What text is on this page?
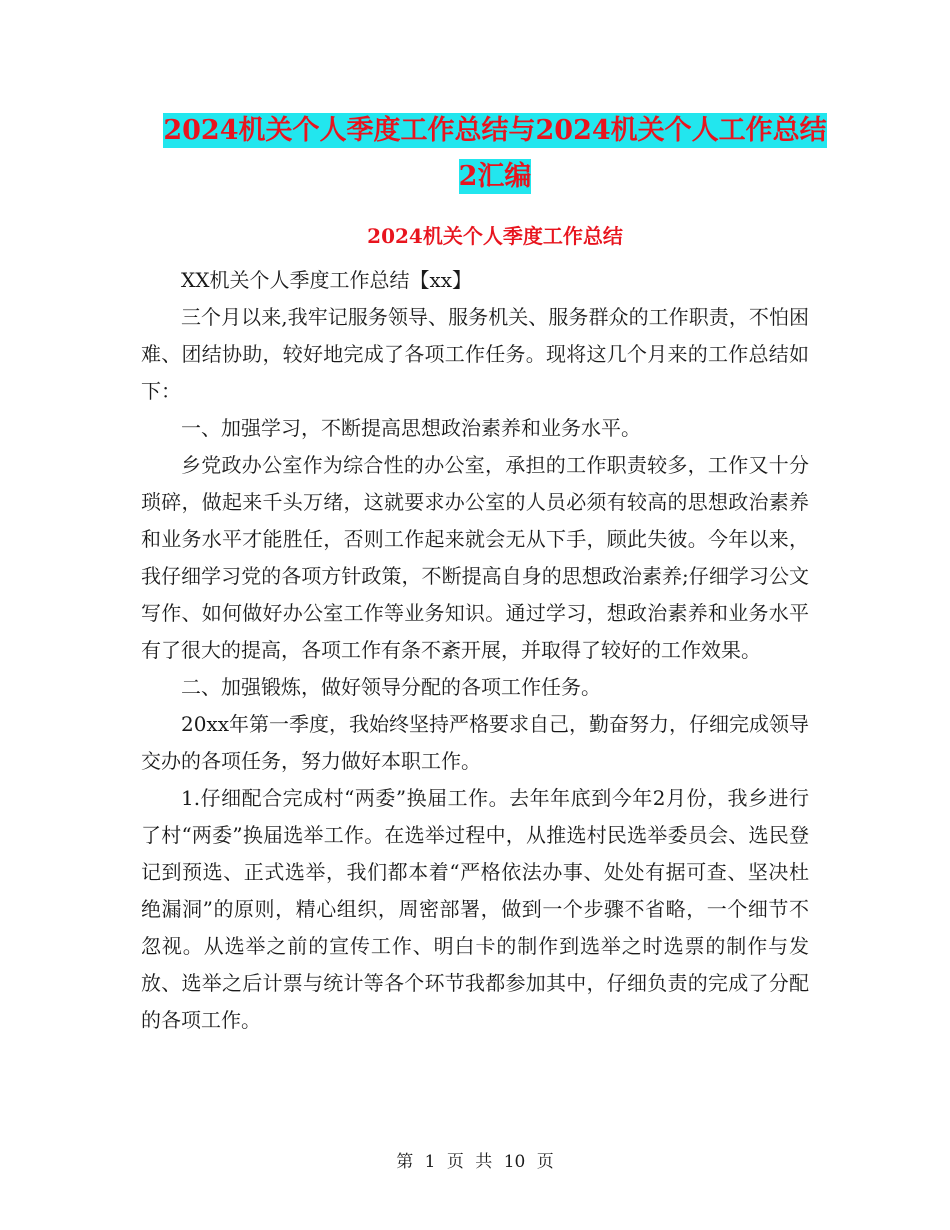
2024机关个人季度工作总结与2024机关个人工作总结
2汇编
2024机关个人季度工作总结

XX机关个人季度工作总结【xx】

三个月以来,我牢记服务领导、服务机关、服务群众的工作职责，不怕困难、团结协助，较好地完成了各项工作任务。现将这几个月来的工作总结如下：

一、加强学习，不断提高思想政治素养和业务水平。

乡党政办公室作为综合性的办公室，承担的工作职责较多，工作又十分琐碎，做起来千头万绪，这就要求办公室的人员必须有较高的思想政治素养和业务水平才能胜任，否则工作起来就会无从下手，顾此失彼。今年以来，我仔细学习党的各项方针政策，不断提高自身的思想政治素养;仔细学习公文写作、如何做好办公室工作等业务知识。通过学习，想政治素养和业务水平有了很大的提高，各项工作有条不紊开展，并取得了较好的工作效果。

二、加强锻炼，做好领导分配的各项工作任务。

20xx年第一季度，我始终坚持严格要求自己，勤奋努力，仔细完成领导交办的各项任务，努力做好本职工作。

1.仔细配合完成村“两委”换届工作。去年年底到今年2月份，我乡进行了村“两委”换届选举工作。在选举过程中，从推选村民选举委员会、选民登记到预选、正式选举，我们都本着“严格依法办事、处处有据可查、坚决杜绝漏洞”的原则，精心组织，周密部署，做到一个步骤不省略，一个细节不忽视。从选举之前的宣传工作、明白卡的制作到选举之时选票的制作与发放、选举之后计票与统计等各个环节我都参加其中，仔细负责的完成了分配的各项工作。

第 1 页 共 10 页
